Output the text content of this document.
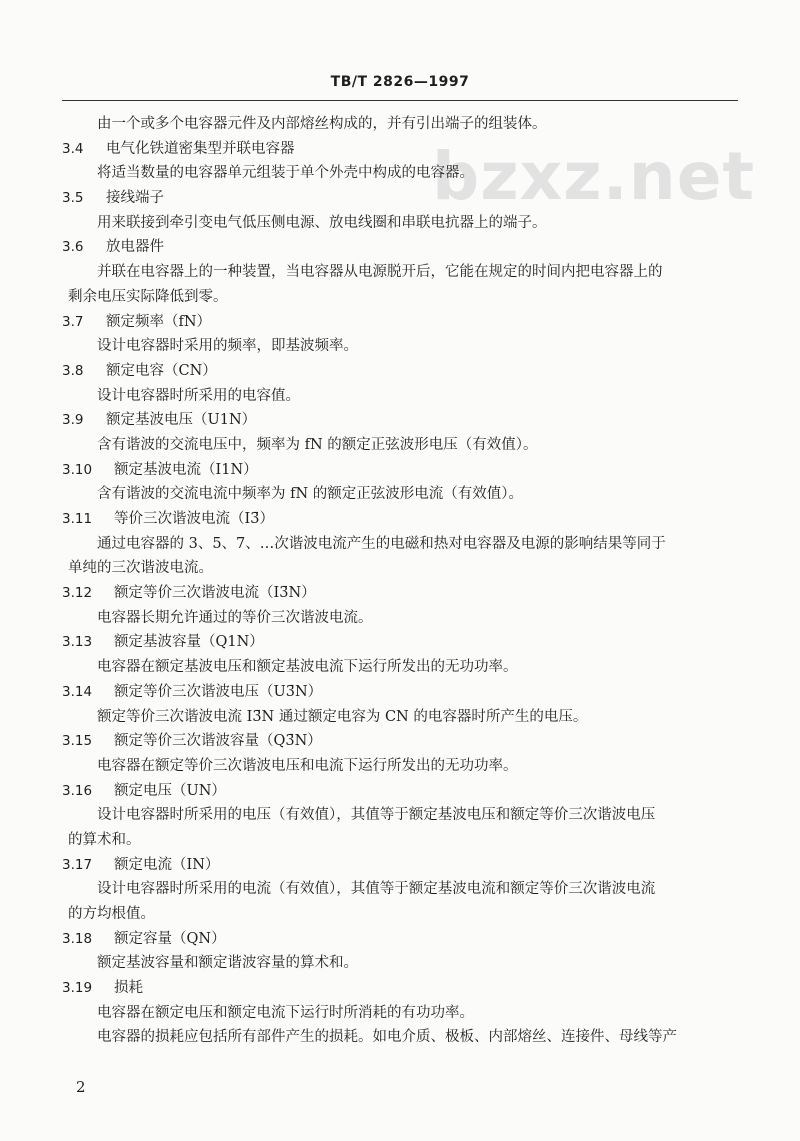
TB/T 2826—1997
bzxz.net
由一个或多个电容器元件及内部熔丝构成的，并有引出端子的组装体。
3.4 电气化铁道密集型并联电容器
将适当数量的电容器单元组装于单个外壳中构成的电容器。
3.5 接线端子
用来联接到牵引变电气低压侧电源、放电线圈和串联电抗器上的端子。
3.6 放电器件
并联在电容器上的一种装置，当电容器从电源脱开后，它能在规定的时间内把电容器上的
剩余电压实际降低到零。
3.7 额定频率（fN）
设计电容器时采用的频率，即基波频率。
3.8 额定电容（CN）
设计电容器时所采用的电容值。
3.9 额定基波电压（U1N）
含有谐波的交流电压中，频率为 fN 的额定正弦波形电压（有效值）。
3.10 额定基波电流（I1N）
含有谐波的交流电流中频率为 fN 的额定正弦波形电流（有效值）。
3.11 等价三次谐波电流（I3̄）
通过电容器的 3、5、7、…次谐波电流产生的电磁和热对电容器及电源的影响结果等同于
单纯的三次谐波电流。
3.12 额定等价三次谐波电流（I3̄N）
电容器长期允许通过的等价三次谐波电流。
3.13 额定基波容量（Q1N）
电容器在额定基波电压和额定基波电流下运行所发出的无功功率。
3.14 额定等价三次谐波电压（U3̄N）
额定等价三次谐波电流 I3̄N 通过额定电容为 CN 的电容器时所产生的电压。
3.15 额定等价三次谐波容量（Q3̄N）
电容器在额定等价三次谐波电压和电流下运行所发出的无功功率。
3.16 额定电压（UN）
设计电容器时所采用的电压（有效值），其值等于额定基波电压和额定等价三次谐波电压
的算术和。
3.17 额定电流（IN）
设计电容器时所采用的电流（有效值），其值等于额定基波电流和额定等价三次谐波电流
的方均根值。
3.18 额定容量（QN）
额定基波容量和额定谐波容量的算术和。
3.19 损耗
电容器在额定电压和额定电流下运行时所消耗的有功功率。
电容器的损耗应包括所有部件产生的损耗。如电介质、极板、内部熔丝、连接件、母线等产
2
